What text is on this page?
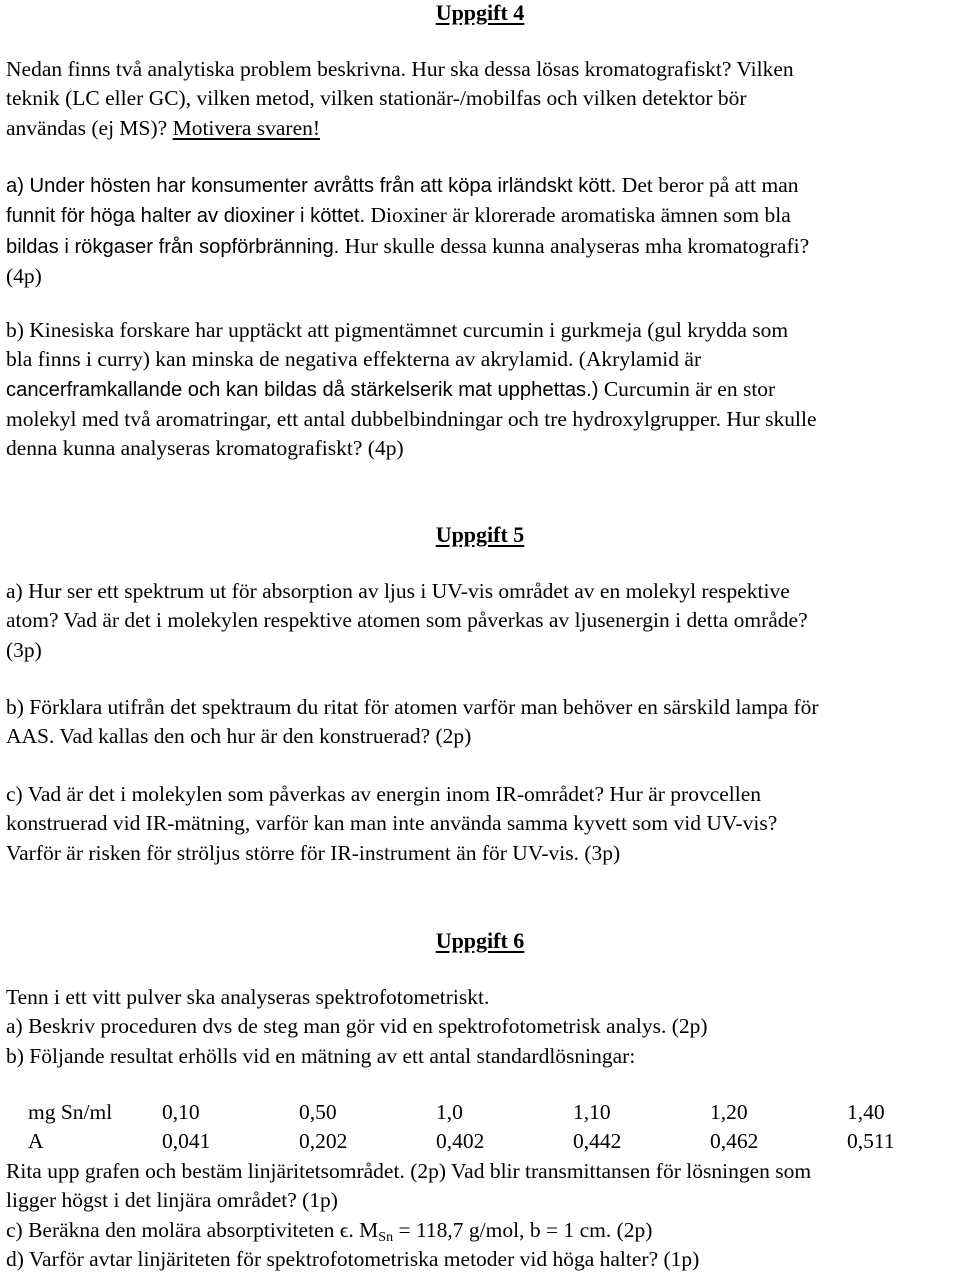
Uppgift 4

Nedan finns två analytiska problem beskrivna. Hur ska dessa lösas kromatografiskt? Vilken

teknik (LC eller GC), vilken metod, vilken stationär-/mobilfas och vilken detektor bör

användas (ej MS)? Motivera svaren!

a) Under hösten har konsumenter avråtts från att köpa irländskt kött. Det beror på att man

funnit för höga halter av dioxiner i köttet. Dioxiner är klorerade aromatiska ämnen som bla

bildas i rökgaser från sopförbränning. Hur skulle dessa kunna analyseras mha kromatografi?

(4p)

b) Kinesiska forskare har upptäckt att pigmentämnet curcumin i gurkmeja (gul krydda som

bla finns i curry) kan minska de negativa effekterna av akrylamid. (Akrylamid är

cancerframkallande och kan bildas då stärkelserik mat upphettas.) Curcumin är en stor

molekyl med två aromatringar, ett antal dubbelbindningar och tre hydroxylgrupper. Hur skulle

denna kunna analyseras kromatografiskt? (4p)

Uppgift 5

a) Hur ser ett spektrum ut för absorption av ljus i UV-vis området av en molekyl respektive

atom? Vad är det i molekylen respektive atomen som påverkas av ljusenergin i detta område?

(3p)

b) Förklara utifrån det spektraum du ritat för atomen varför man behöver en särskild lampa för

AAS. Vad kallas den och hur är den konstruerad? (2p)

c) Vad är det i molekylen som påverkas av energin inom IR-området? Hur är provcellen

konstruerad vid IR-mätning, varför kan man inte använda samma kyvett som vid UV-vis?

Varför är risken för ströljus större för IR-instrument än för UV-vis. (3p)

Uppgift 6

Tenn i ett vitt pulver ska analyseras spektrofotometriskt.

a) Beskriv proceduren dvs de steg man gör vid en spektrofotometrisk analys. (2p)

b) Följande resultat erhölls vid en mätning av ett antal standardlösningar:

mg Sn/ml	0,10	0,50	1,0	1,10	1,20	1,40
A	0,041	0,202	0,402	0,442	0,462	0,511

Rita upp grafen och bestäm linjäritetsområdet. (2p) Vad blir transmittansen för lösningen som

ligger högst i det linjära området? (1p)

c) Beräkna den molära absorptiviteten ϵ. $M_{Sn} = 118,7$ g/mol, b = 1 cm. (2p)

d) Varför avtar linjäriteten för spektrofotometriska metoder vid höga halter? (1p)
